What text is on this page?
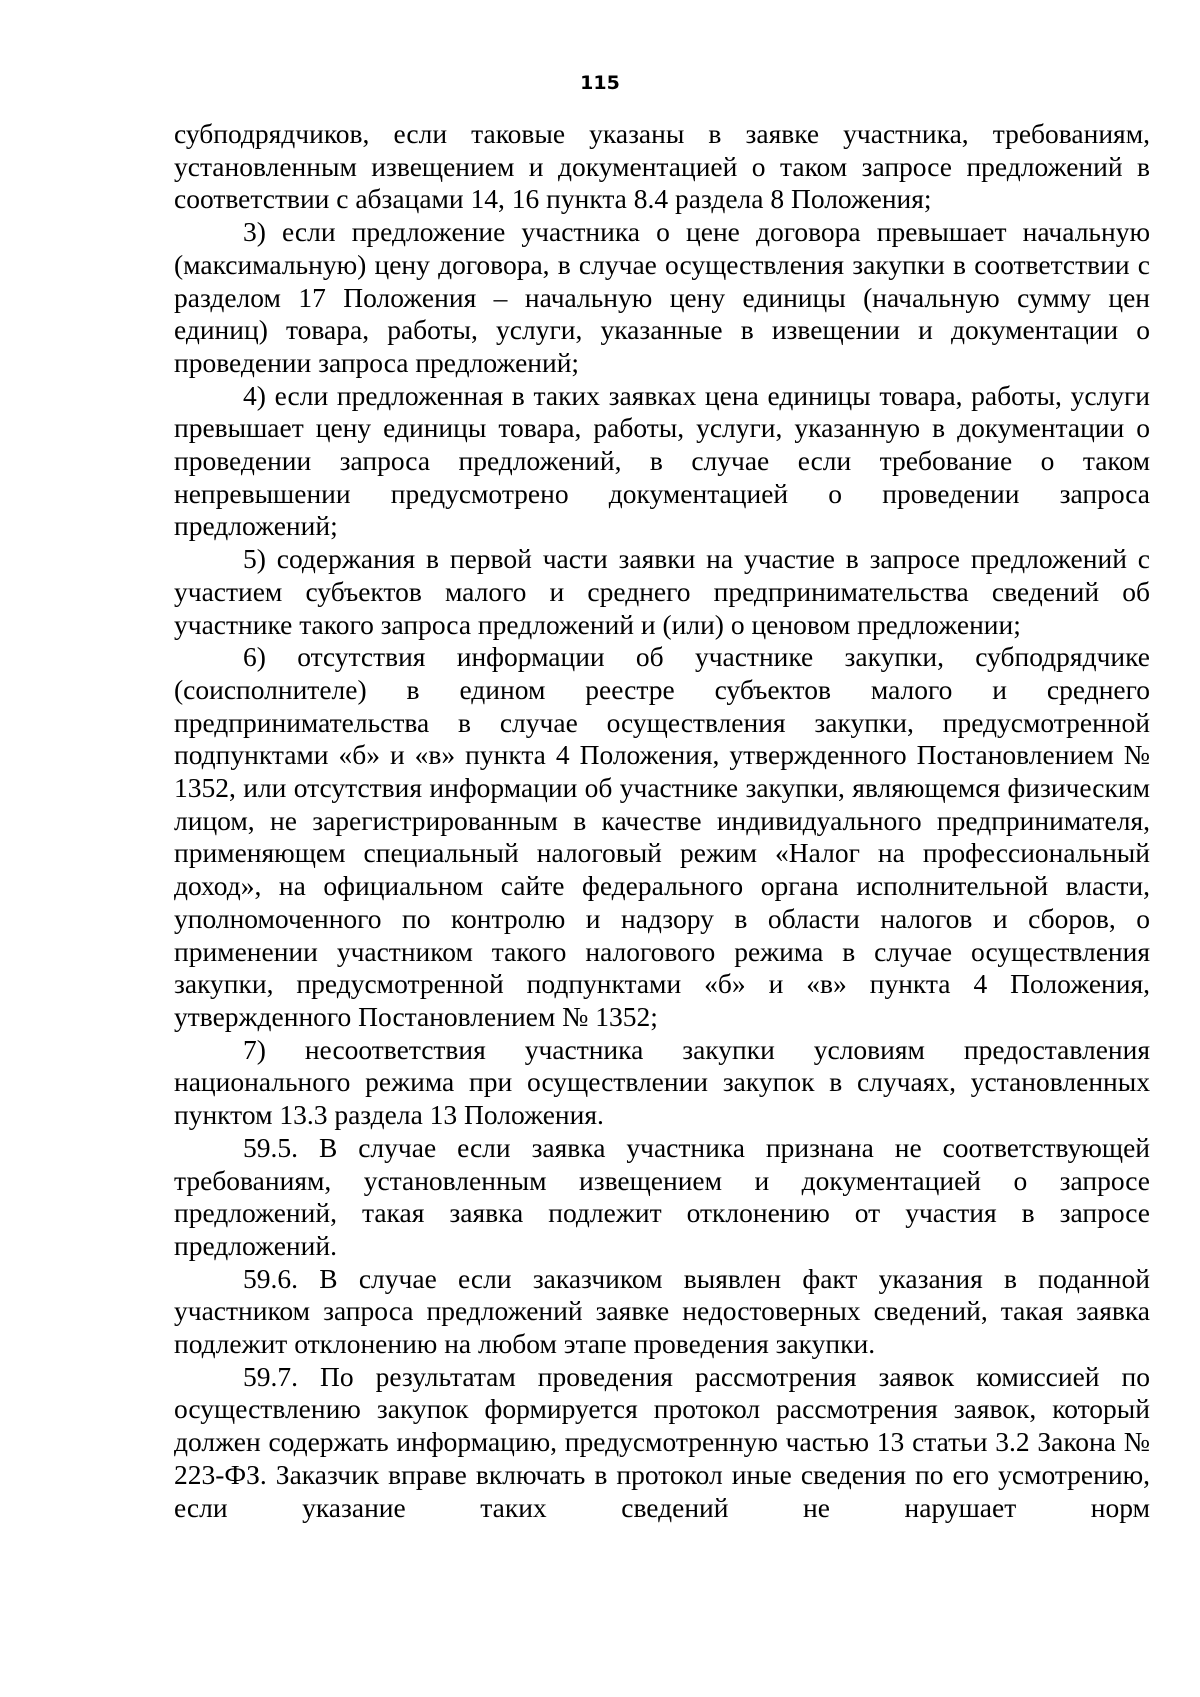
115

субподрядчиков, если таковые указаны в заявке участника, требованиям, установленным извещением и документацией о таком запросе предложений в соответствии с абзацами 14, 16 пункта 8.4 раздела 8 Положения;

3) если предложение участника о цене договора превышает начальную (максимальную) цену договора, в случае осуществления закупки в соответствии с разделом 17 Положения – начальную цену единицы (начальную сумму цен единиц) товара, работы, услуги, указанные в извещении и документации о проведении запроса предложений;

4) если предложенная в таких заявках цена единицы товара, работы, услуги превышает цену единицы товара, работы, услуги, указанную в документации о проведении запроса предложений, в случае если требование о таком непревышении предусмотрено документацией о проведении запроса предложений;

5) содержания в первой части заявки на участие в запросе предложений с участием субъектов малого и среднего предпринимательства сведений об участнике такого запроса предложений и (или) о ценовом предложении;

6) отсутствия информации об участнике закупки, субподрядчике (соисполнителе) в едином реестре субъектов малого и среднего предпринимательства в случае осуществления закупки, предусмотренной подпунктами «б» и «в» пункта 4 Положения, утвержденного Постановлением № 1352, или отсутствия информации об участнике закупки, являющемся физическим лицом, не зарегистрированным в качестве индивидуального предпринимателя, применяющем специальный налоговый режим «Налог на профессиональный доход», на официальном сайте федерального органа исполнительной власти, уполномоченного по контролю и надзору в области налогов и сборов, о применении участником такого налогового режима в случае осуществления закупки, предусмотренной подпунктами «б» и «в» пункта 4 Положения, утвержденного Постановлением № 1352;

7) несоответствия участника закупки условиям предоставления национального режима при осуществлении закупок в случаях, установленных пунктом 13.3 раздела 13 Положения.

59.5. В случае если заявка участника признана не соответствующей требованиям, установленным извещением и документацией о запросе предложений, такая заявка подлежит отклонению от участия в запросе предложений.

59.6. В случае если заказчиком выявлен факт указания в поданной участником запроса предложений заявке недостоверных сведений, такая заявка подлежит отклонению на любом этапе проведения закупки.

59.7. По результатам проведения рассмотрения заявок комиссией по осуществлению закупок формируется протокол рассмотрения заявок, который должен содержать информацию, предусмотренную частью 13 статьи 3.2 Закона № 223-ФЗ. Заказчик вправе включать в протокол иные сведения по его усмотрению, если указание таких сведений не нарушает норм
